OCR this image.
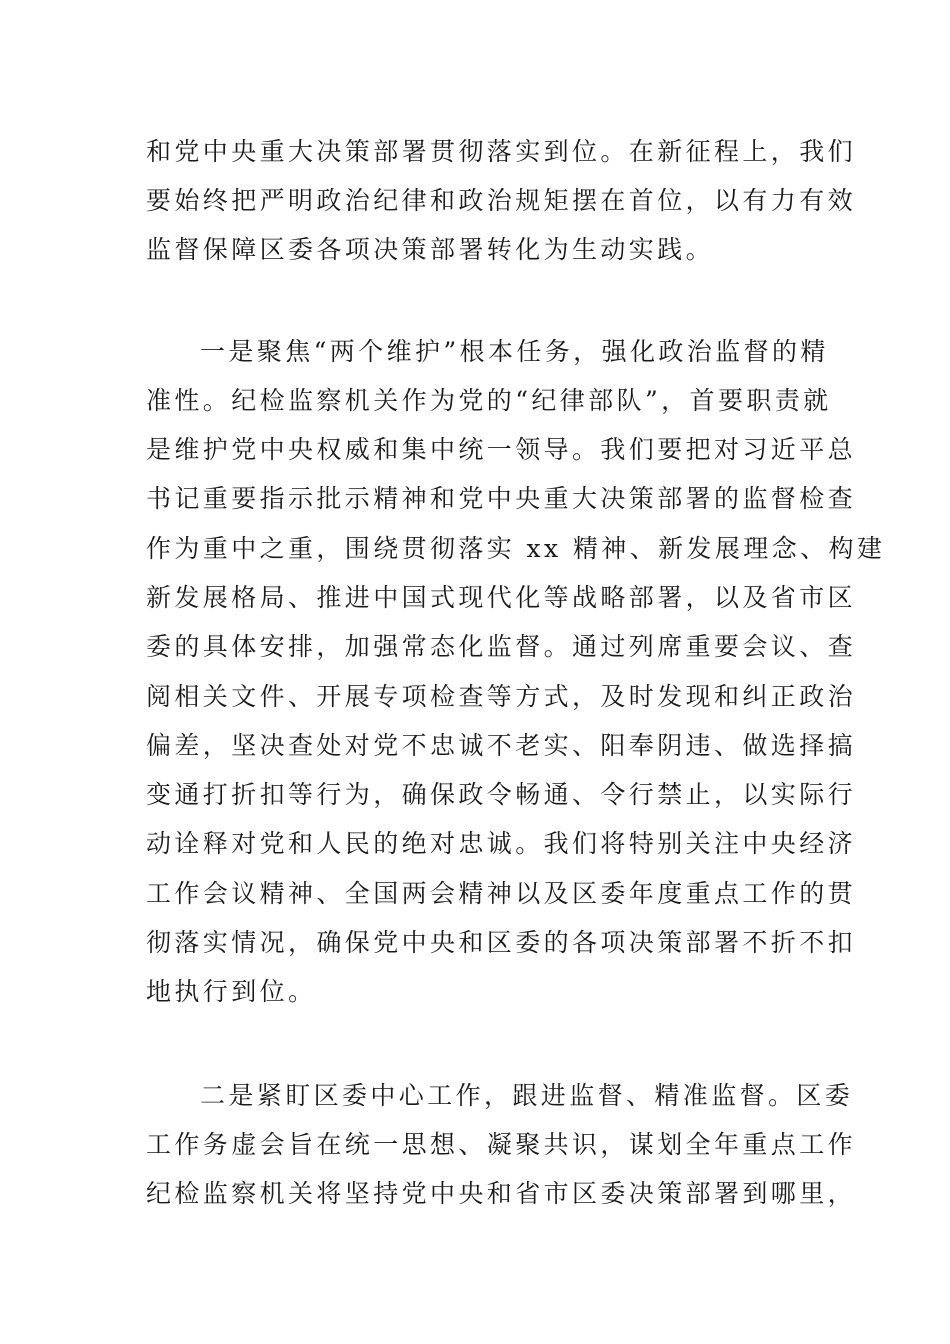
和党中央重大决策部署贯彻落实到位。在新征程上，我们
要始终把严明政治纪律和政治规矩摆在首位，以有力有效
监督保障区委各项决策部署转化为生动实践。
一是聚焦“两个维护”根本任务，强化政治监督的精
准性。纪检监察机关作为党的“纪律部队”，首要职责就
是维护党中央权威和集中统一领导。我们要把对习近平总
书记重要指示批示精神和党中央重大决策部署的监督检查
作为重中之重，围绕贯彻落实 xx 精神、新发展理念、构建
新发展格局、推进中国式现代化等战略部署，以及省市区
委的具体安排，加强常态化监督。通过列席重要会议、查
阅相关文件、开展专项检查等方式，及时发现和纠正政治
偏差，坚决查处对党不忠诚不老实、阳奉阴违、做选择搞
变通打折扣等行为，确保政令畅通、令行禁止，以实际行
动诠释对党和人民的绝对忠诚。我们将特别关注中央经济
工作会议精神、全国两会精神以及区委年度重点工作的贯
彻落实情况，确保党中央和区委的各项决策部署不折不扣
地执行到位。
二是紧盯区委中心工作，跟进监督、精准监督。区委
工作务虚会旨在统一思想、凝聚共识，谋划全年重点工作
纪检监察机关将坚持党中央和省市区委决策部署到哪里，
